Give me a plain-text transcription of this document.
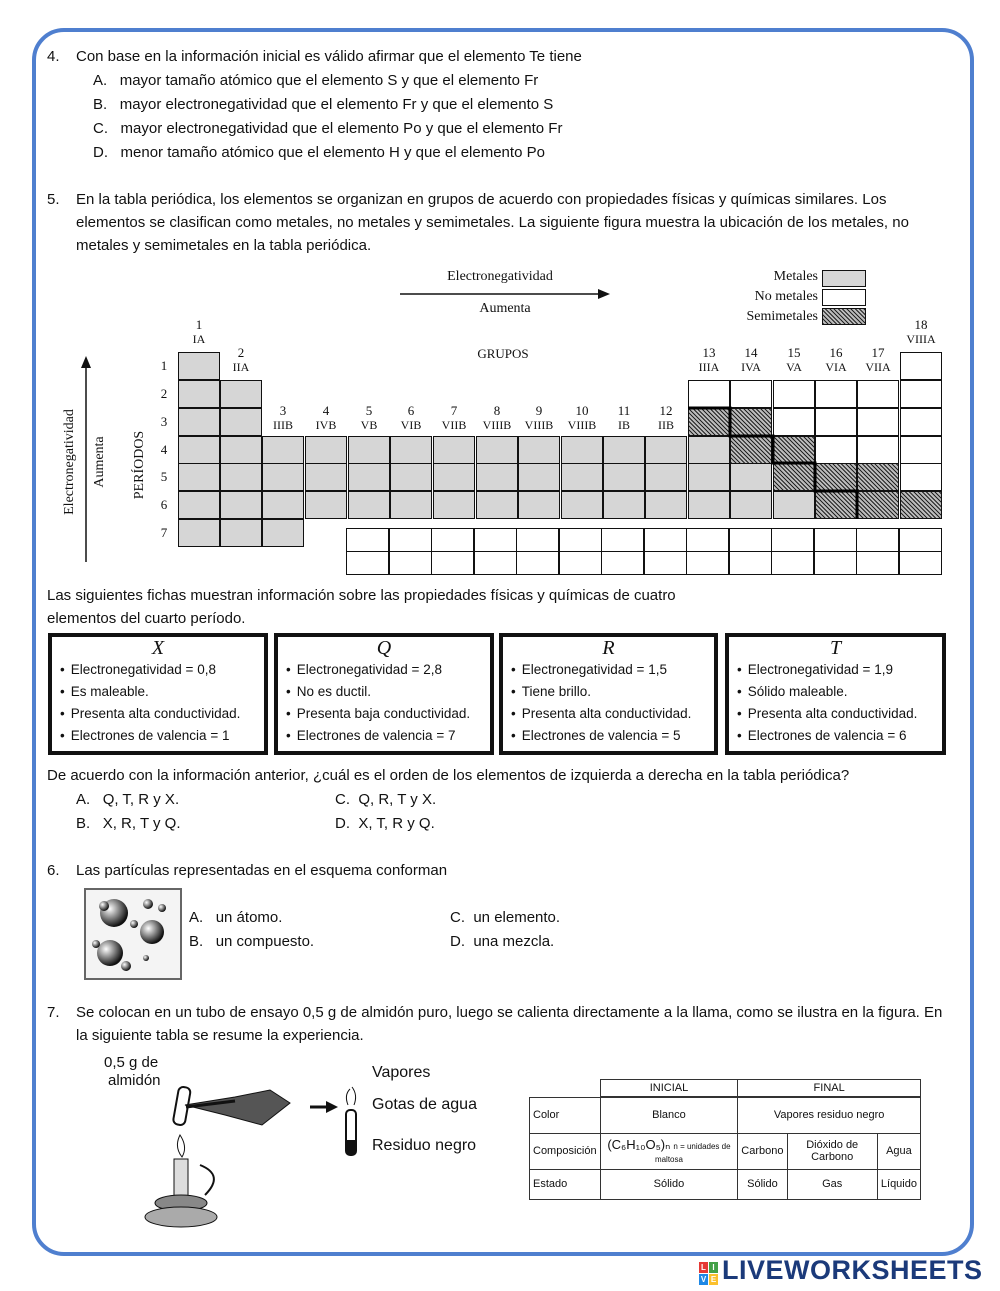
4. Con base en la información inicial es válido afirmar que el elemento Te tiene
A. mayor tamaño atómico que el elemento S y que el elemento Fr
B. mayor electronegatividad que el elemento Fr y que el elemento S
C. mayor electronegatividad que el elemento Po y que el elemento Fr
D. menor tamaño atómico que el elemento H y que el elemento Po
5. En la tabla periódica, los elementos se organizan en grupos de acuerdo con propiedades físicas y químicas similares. Los elementos se clasifican como metales, no metales y semimetales. La siguiente figura muestra la ubicación de los metales, no metales y semimetales en la tabla periódica.
Electronegatividad
Aumenta
Metales
No metales
Semimetales
GRUPOS
Electronegatividad Aumenta PERÍODOS
1
IA
2
IIA
3
IIIB
4
IVB
5
VB
6
VIB
7
VIIB
8
VIIIB
9
VIIIB
10
VIIIB
11
IB
12
IIB
13
IIIA
14
IVA
15
VA
16
VIA
17
VIIA
18
VIIIA
1
2
3
4
5
6
7
Las siguientes fichas muestran información sobre las propiedades físicas y químicas de cuatro elementos del cuarto período.
X
• Electronegatividad = 0,8
• Es maleable.
• Presenta alta conductividad.
• Electrones de valencia = 1
Q
• Electronegatividad = 2,8
• No es ductil.
• Presenta baja conductividad.
• Electrones de valencia = 7
R
• Electronegatividad = 1,5
• Tiene brillo.
• Presenta alta conductividad.
• Electrones de valencia = 5
T
• Electronegatividad = 1,9
• Sólido maleable.
• Presenta alta conductividad.
• Electrones de valencia = 6
De acuerdo con la información anterior, ¿cuál es el orden de los elementos de izquierda a derecha en la tabla periódica?
A. Q, T, R y X.
B. X, R, T y Q.
C. Q, R, T y X.
D. X, T, R y Q.
6. Las partículas representadas en el esquema conforman
A. un átomo.
B. un compuesto.
C. un elemento.
D. una mezcla.
7. Se colocan en un tubo de ensayo 0,5 g de almidón puro, luego se calienta directamente a la llama, como se ilustra en la figura. En la siguiente tabla se resume la experiencia.
0,5 g de
almidón	Vapores
Gotas de agua
Residuo negro
	INICIAL	FINAL		
Color	Blanco	Vapores residuo negro		
Composición	(C₆H₁₀O₅)ₙ n = unidades de maltosa	Carbono	Dióxido de Carbono	Agua
Estado	Sólido	Sólido	Gas	Líquido
L I
V E LIVEWORKSHEETS
